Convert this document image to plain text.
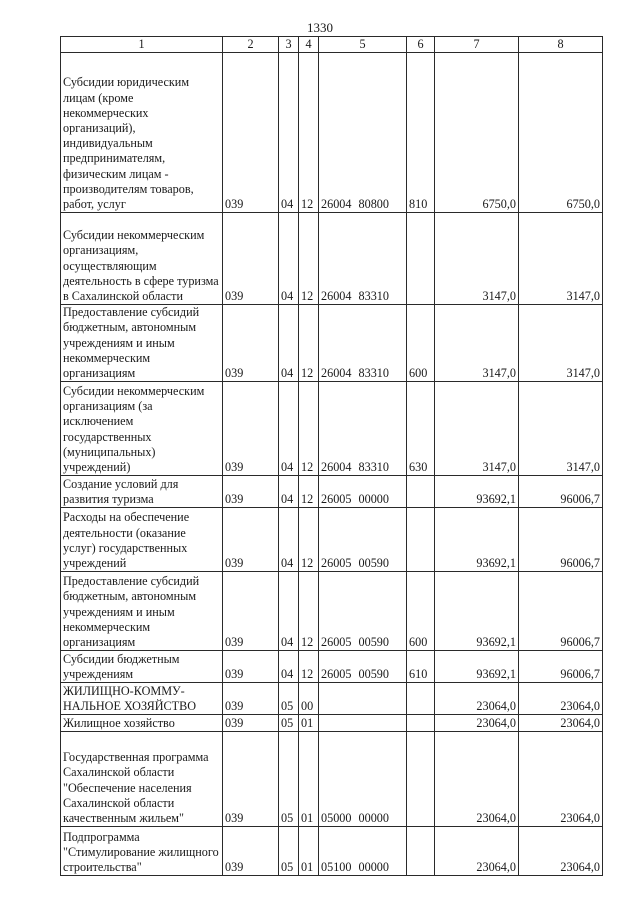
1330
1	2	3	4	5	6	7	8
Субсидии юридическим лицам (кроме некоммерческих организаций), индивидуальным предпринимателям, физическим лицам - производителям товаров, работ, услуг	039	04	12	26004 80800	810	6750,0	6750,0
Субсидии некоммерческим организациям, осуществляющим деятельность в сфере туризма в Сахалинской области	039	04	12	26004 83310		3147,0	3147,0
Предоставление субсидий бюджетным, автономным учреждениям и иным некоммерческим организациям	039	04	12	26004 83310	600	3147,0	3147,0
Субсидии некоммерческим организациям (за исключением государственных (муниципальных) учреждений)	039	04	12	26004 83310	630	3147,0	3147,0
Создание условий для развития туризма	039	04	12	26005 00000		93692,1	96006,7
Расходы на обеспечение деятельности (оказание услуг) государственных учреждений	039	04	12	26005 00590		93692,1	96006,7
Предоставление субсидий бюджетным, автономным учреждениям и иным некоммерческим организациям	039	04	12	26005 00590	600	93692,1	96006,7
Субсидии бюджетным учреждениям	039	04	12	26005 00590	610	93692,1	96006,7
ЖИЛИЩНО-КОММУ-НАЛЬНОЕ ХОЗЯЙСТВО	039	05	00			23064,0	23064,0
Жилищное хозяйство	039	05	01			23064,0	23064,0
Государственная программа Сахалинской области "Обеспечение населения Сахалинской области качественным жильем"	039	05	01	05000 00000		23064,0	23064,0
Подпрограмма "Стимулирование жилищного строительства"	039	05	01	05100 00000		23064,0	23064,0
